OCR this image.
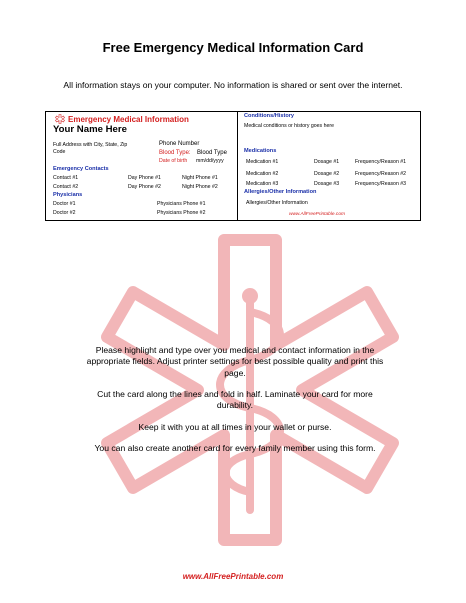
Free Emergency Medical Information Card
All information stays on your computer. No information is shared or sent over the internet.
Emergency Medical Information
Your Name Here
Full Address with City, State, Zip
Code
Phone Number
Blood Type: Blood Type
Date of birth mm/dd/yyyy
Emergency Contacts
Contact #1	Day Phone #1	Night Phone #1
Contact #2	Day Phone #2	Night Phone #2
Physicians
Doctor #1	Physicians Phone #1
Doctor #2	Physicians Phone #2
Conditions/History
Medical conditions or history goes here
Medications
Medication #1	Dosage #1	Frequency/Reason #1
Medication #2	Dosage #2	Frequency/Reason #2
Medication #3	Dosage #3	Frequency/Reason #3
Allergies/Other Information
Allergies/Other Information
www.AllFreePrintable.com

Please highlight and type over you medical and contact information in the appropriate fields. Adjust printer settings for best possible quality and print this page.

Cut the card along the lines and fold in half. Laminate your card for more durability.

Keep it with you at all times in your wallet or purse.

You can also create another card for every family member using this form.

www.AllFreePrintable.com
